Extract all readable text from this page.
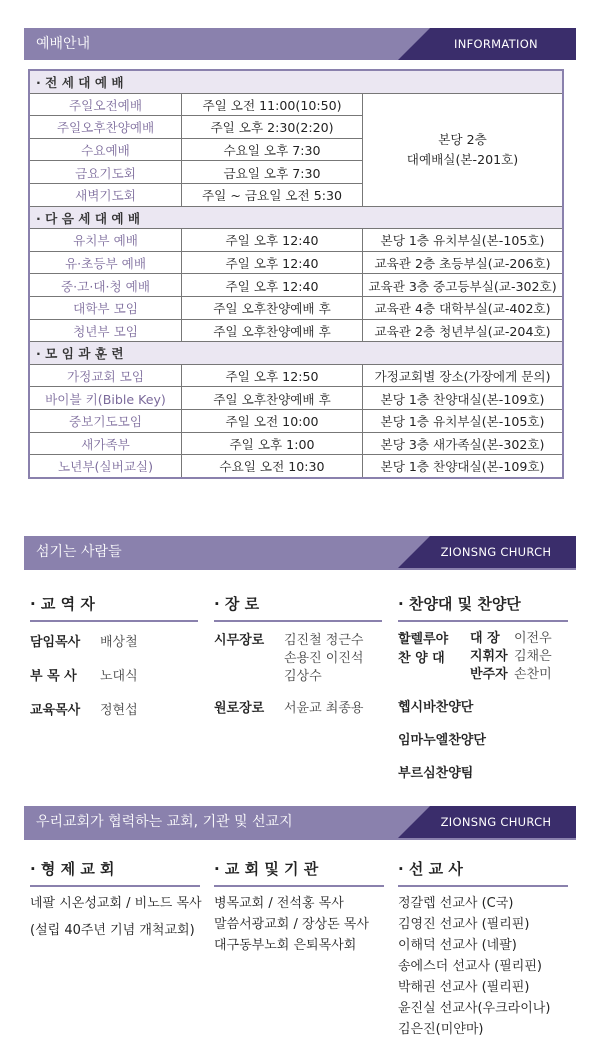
예배안내	INFORMATION
· 전 세 대 예 배		
주일오전예배	주일 오전 11:00(10:50)	본당 2층
대예배실(본-201호)

주일오후찬양예배	주일 오후 2:30(2:20)	
수요예배	수요일 오후 7:30	
금요기도회	금요일 오후 7:30	
새벽기도회	주일 ~ 금요일 오전 5:30	
· 다 음 세 대 예 배		
유치부 예배	주일 오후 12:40	본당 1층 유치부실(본-105호)
유·초등부 예배	주일 오후 12:40	교육관 2층 초등부실(교-206호)
중·고·대·청 예배	주일 오후 12:40	교육관 3층 중고등부실(교-302호)
대학부 모임	주일 오후찬양예배 후	교육관 4층 대학부실(교-402호)
청년부 모임	주일 오후찬양예배 후	교육관 2층 청년부실(교-204호)
· 모 임 과 훈 련		
가정교회 모임	주일 오후 12:50	가정교회별 장소(가장에게 문의)
바이블 키(Bible Key)	주일 오후찬양예배 후	본당 1층 찬양대실(본-109호)
중보기도모임	주일 오전 10:00	본당 1층 유치부실(본-105호)
새가족부	주일 오후 1:00	본당 3층 새가족실(본-302호)
노년부(실버교실)	수요일 오전 10:30	본당 1층 찬양대실(본-109호)
섬기는 사람들	ZIONSNG CHURCH
· 교 역 자
담임목사	배상철
부 목 사	노대식
교육목사	정현섭
· 장 로
시무장로	김진철 정근수
손용진 이진석
김상수
원로장로	서윤교 최종용
· 찬양대 및 찬양단
할렐루야
찬 양 대
대 장	이전우
지휘자 김채은
반주자 손찬미
헵시바찬양단
임마누엘찬양단
부르심찬양팀
우리교회가 협력하는 교회, 기관 및 선교지	ZIONSNG CHURCH
· 형 제 교 회
네팔 시온성교회 / 비노드 목사
(설립 40주년 기념 개척교회)
· 교 회 및 기 관
병목교회 / 전석홍 목사
말씀서광교회 / 장상돈 목사
대구동부노회 은퇴목사회
· 선 교 사
정갈렙 선교사 (C국)
김영진 선교사 (필리핀)
이해덕 선교사 (네팔)
송에스더 선교사 (필리핀)
박해권 선교사 (필리핀)
윤진실 선교사(우크라이나)
김은진(미얀마)
